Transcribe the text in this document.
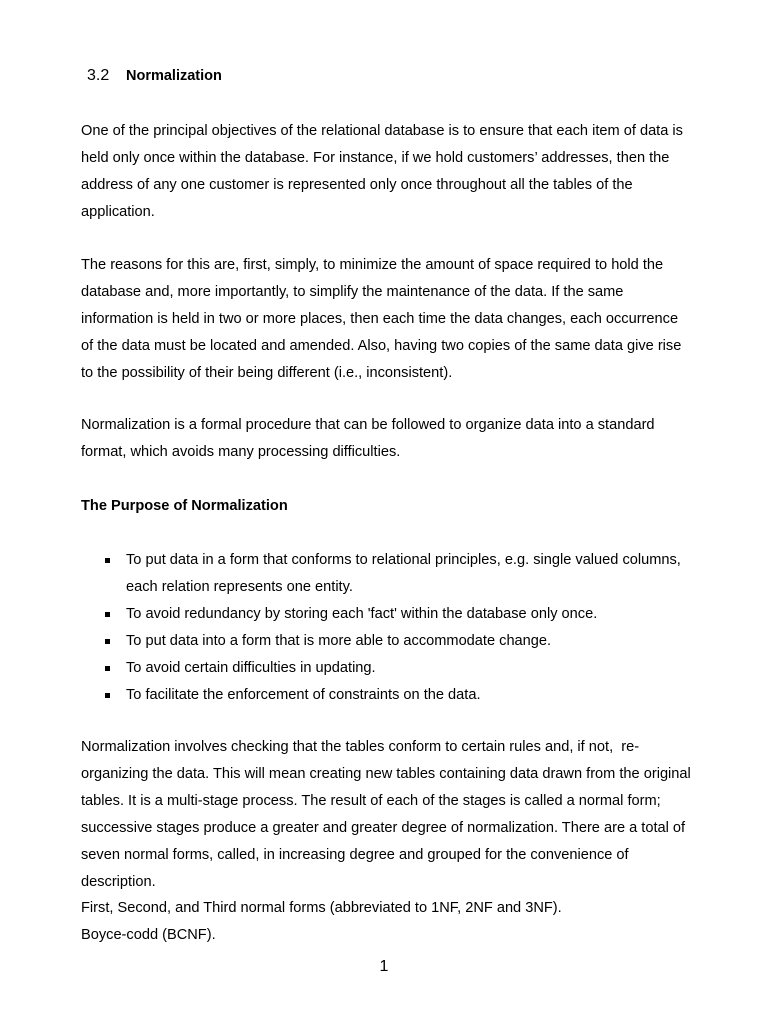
3.2 Normalization

One of the principal objectives of the relational database is to ensure that each item of data is held only once within the database. For instance, if we hold customers’ addresses, then the address of any one customer is represented only once throughout all the tables of the application.

The reasons for this are, first, simply, to minimize the amount of space required to hold the database and, more importantly, to simplify the maintenance of the data. If the same information is held in two or more places, then each time the data changes, each occurrence of the data must be located and amended. Also, having two copies of the same data give rise to the possibility of their being different (i.e., inconsistent).

Normalization is a formal procedure that can be followed to organize data into a standard format, which avoids many processing difficulties.

The Purpose of Normalization
To put data in a form that conforms to relational principles, e.g. single valued columns, each relation represents one entity.
To avoid redundancy by storing each 'fact' within the database only once.
To put data into a form that is more able to accommodate change.
To avoid certain difficulties in updating.
To facilitate the enforcement of constraints on the data.

Normalization involves checking that the tables conform to certain rules and, if not,  re-organizing the data. This will mean creating new tables containing data drawn from the original tables. It is a multi-stage process. The result of each of the stages is called a normal form; successive stages produce a greater and greater degree of normalization. There are a total of seven normal forms, called, in increasing degree and grouped for the convenience of description.

First, Second, and Third normal forms (abbreviated to 1NF, 2NF and 3NF).

Boyce-codd (BCNF).

1
